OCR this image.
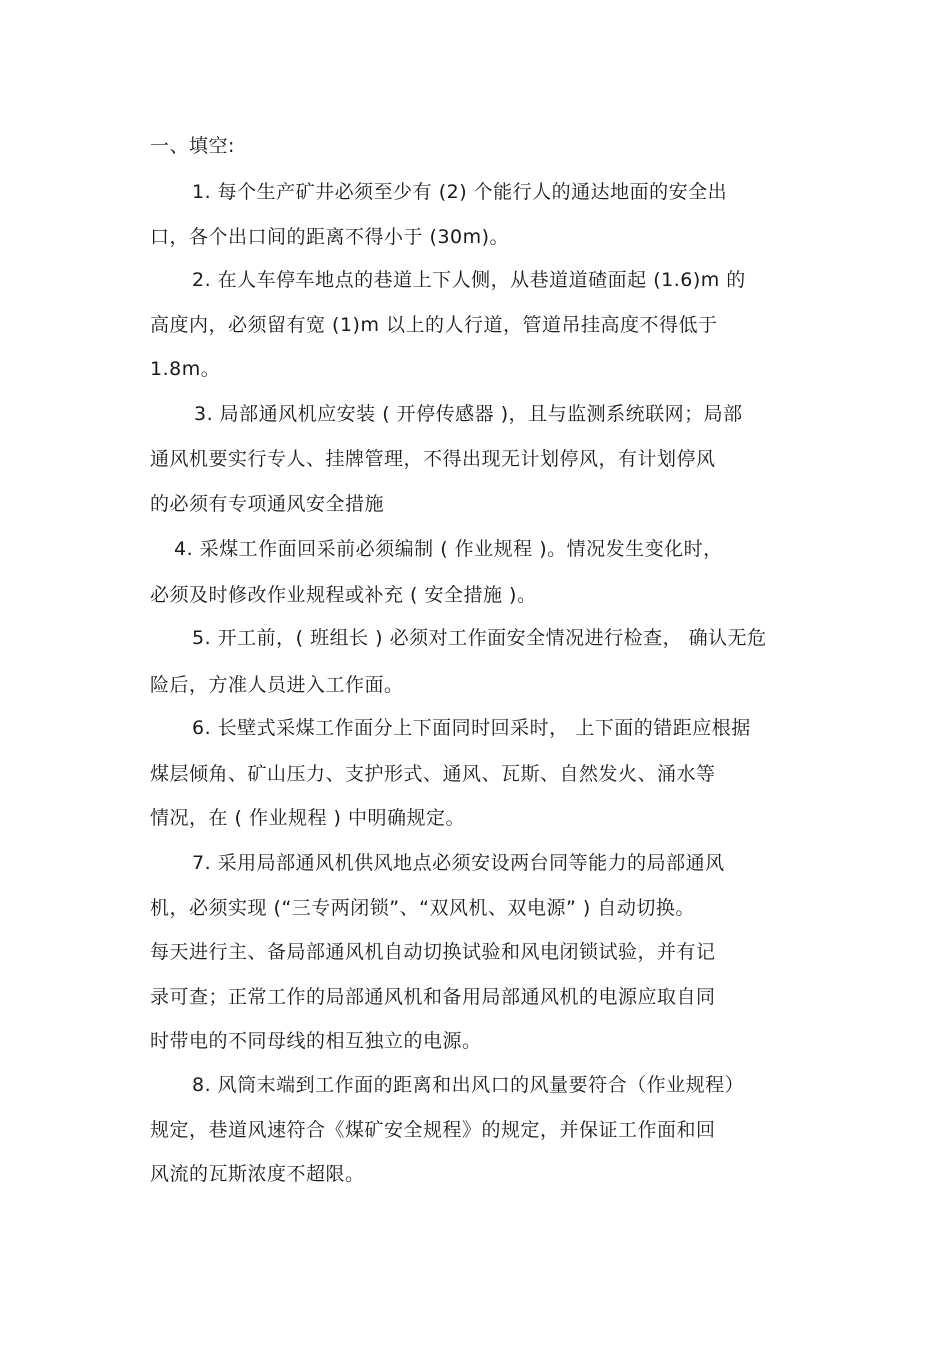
一、填空:
1. 每个生产矿井必须至少有 (2) 个能行人的通达地面的安全出
口，各个出口间的距离不得小于 (30m)。
2. 在人车停车地点的巷道上下人侧，从巷道道碴面起 (1.6)m 的
高度内，必须留有宽 (1)m 以上的人行道，管道吊挂高度不得低于
1.8m。
3. 局部通风机应安装 ( 开停传感器 )，且与监测系统联网；局部
通风机要实行专人、挂牌管理，不得出现无计划停风，有计划停风
的必须有专项通风安全措施
4. 采煤工作面回采前必须编制 ( 作业规程 )。情况发生变化时，
必须及时修改作业规程或补充 ( 安全措施 )。
5. 开工前，( 班组长 ) 必须对工作面安全情况进行检查， 确认无危
险后，方准人员进入工作面。
6. 长壁式采煤工作面分上下面同时回采时， 上下面的错距应根据
煤层倾角、矿山压力、支护形式、通风、瓦斯、自然发火、涌水等
情况，在 ( 作业规程 ) 中明确规定。
7. 采用局部通风机供风地点必须安设两台同等能力的局部通风
机，必须实现 (“三专两闭锁”、“双风机、双电源” ) 自动切换。
每天进行主、备局部通风机自动切换试验和风电闭锁试验，并有记
录可查；正常工作的局部通风机和备用局部通风机的电源应取自同
时带电的不同母线的相互独立的电源。
8. 风筒末端到工作面的距离和出风口的风量要符合（作业规程）
规定，巷道风速符合《煤矿安全规程》的规定，并保证工作面和回
风流的瓦斯浓度不超限。
